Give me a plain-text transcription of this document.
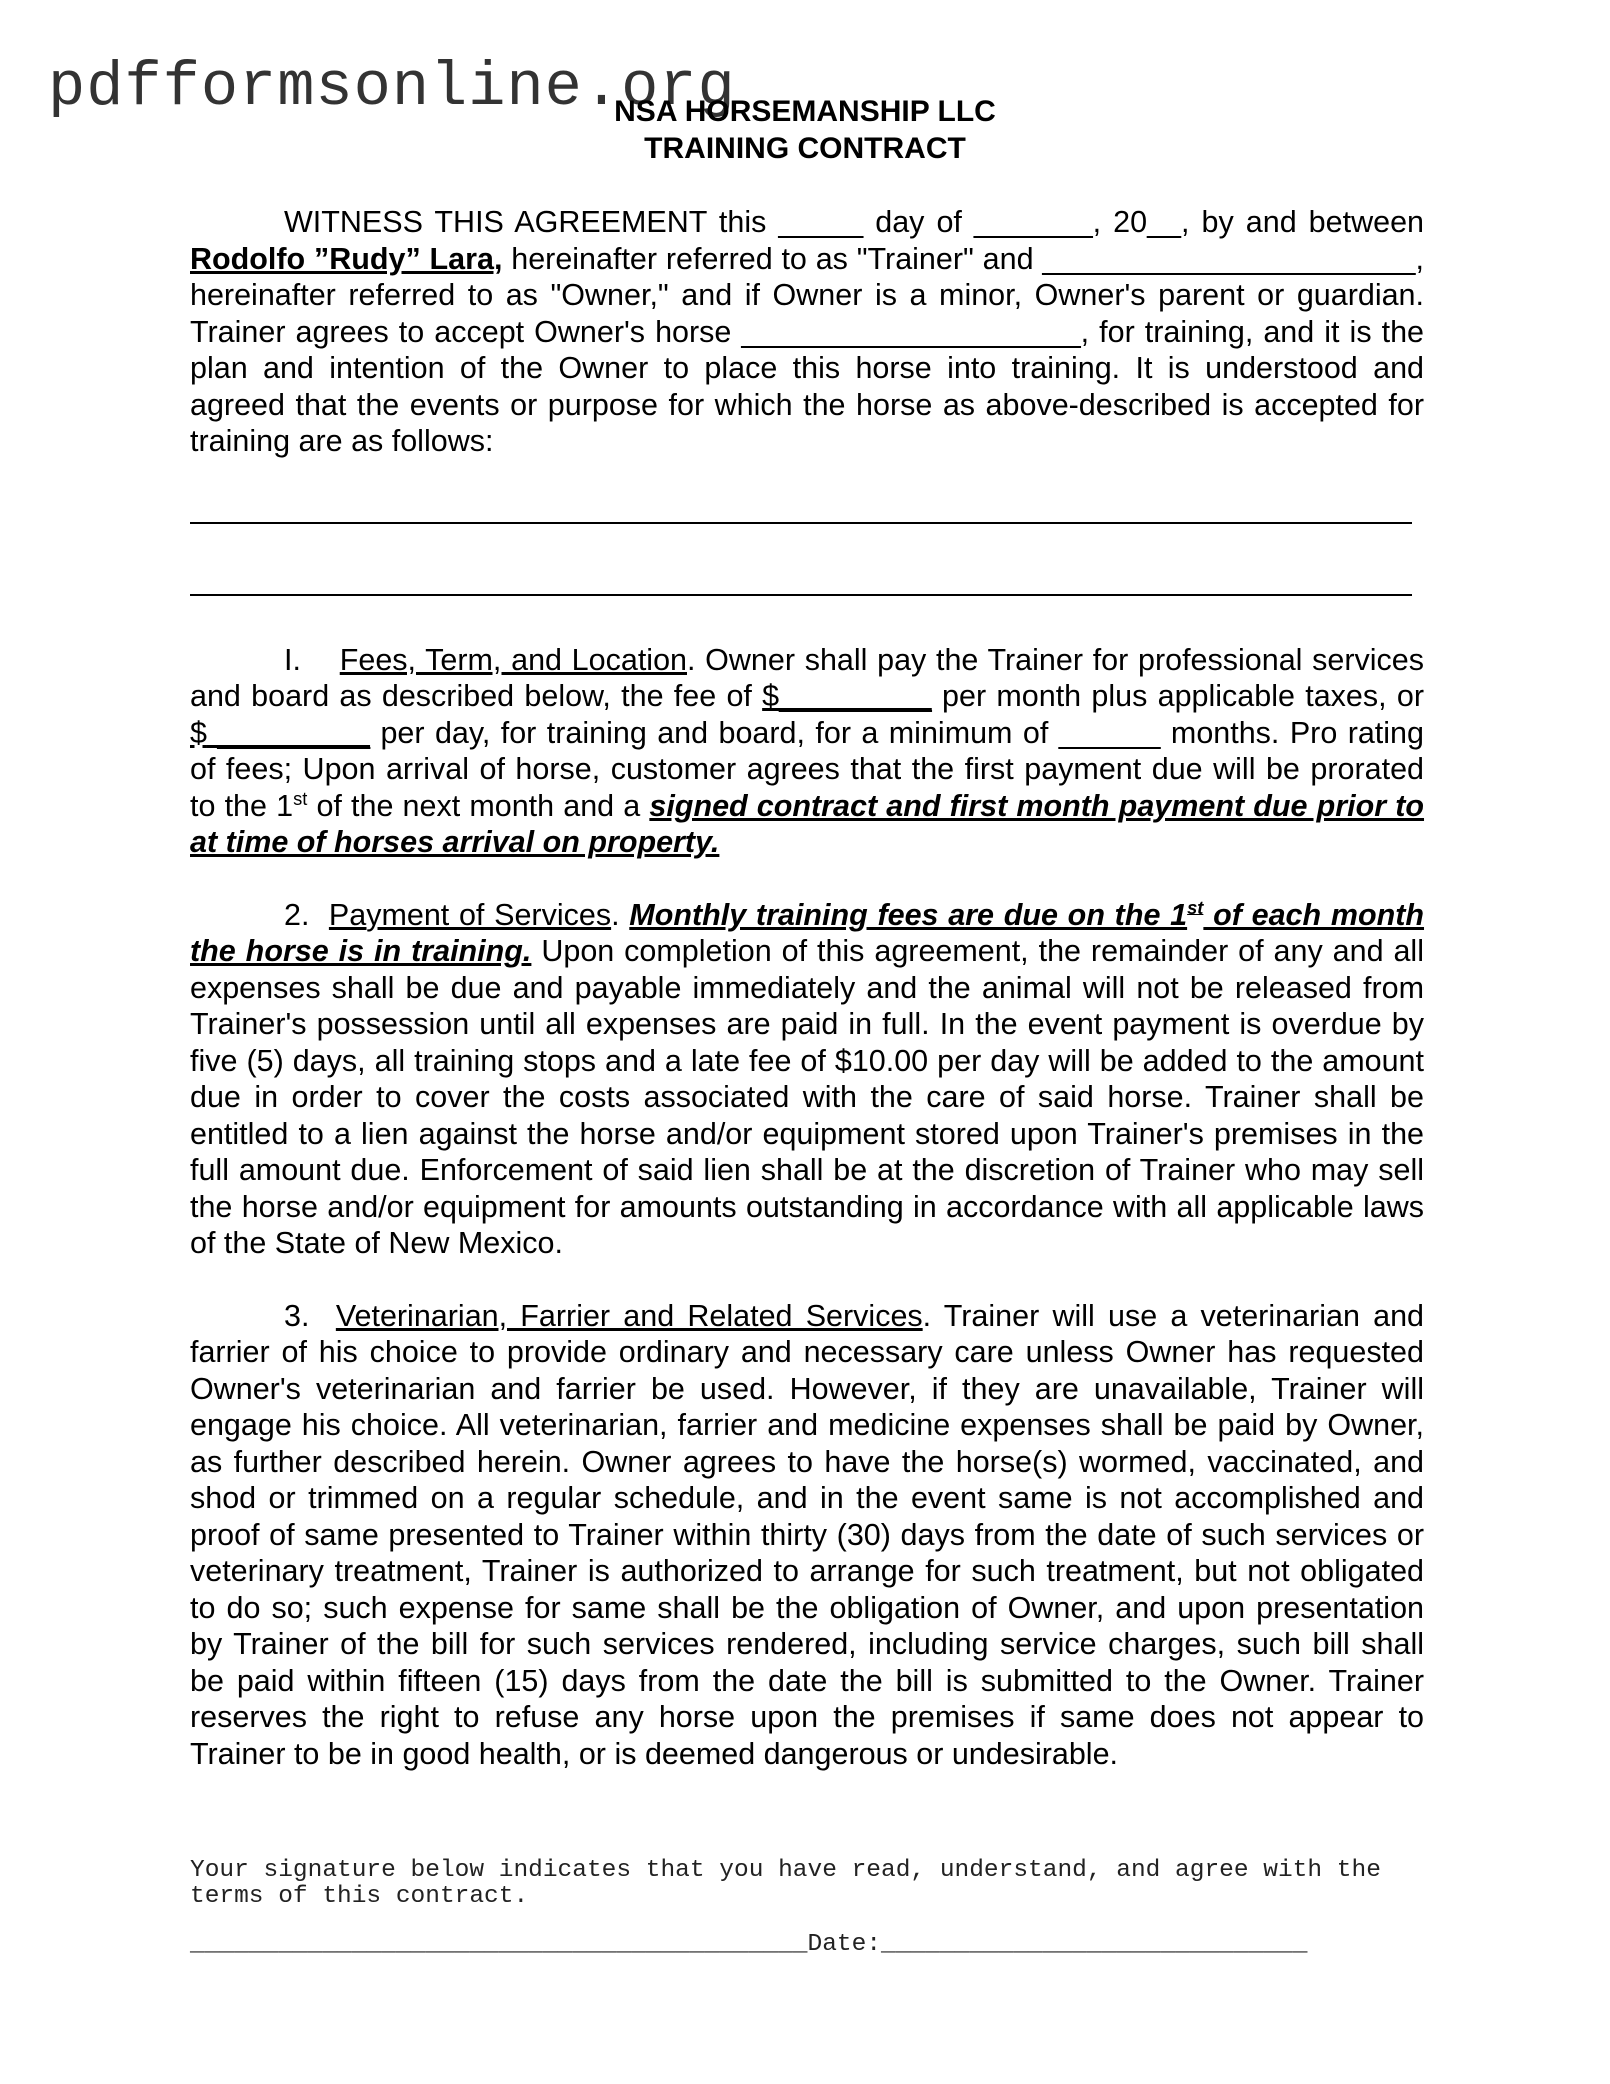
pdfformsonline.org
NSA HORSEMANSHIP LLC
TRAINING CONTRACT

WITNESS THIS AGREEMENT this _____ day of _______, 20__, by and between Rodolfo ”Rudy” Lara, hereinafter referred to as "Trainer" and ______________________, hereinafter referred to as "Owner," and if Owner is a minor, Owner's parent or guardian. Trainer agrees to accept Owner's horse ____________________, for training, and it is the plan and intention of the Owner to place this horse into training. It is understood and agreed that the events or purpose for which the horse as above-described is accepted for training are as follows:

I. Fees, Term, and Location. Owner shall pay the Trainer for professional services and board as described below, the fee of $_________ per month plus applicable taxes, or $ _________ per day, for training and board, for a minimum of ______ months. Pro rating of fees; Upon arrival of horse, customer agrees that the first payment due will be prorated to the 1st of the next month and a signed contract and first month payment due prior to at time of horses arrival on property.

2. Payment of Services. Monthly training fees are due on the 1st of each month the horse is in training. Upon completion of this agreement, the remainder of any and all expenses shall be due and payable immediately and the animal will not be released from Trainer's possession until all expenses are paid in full. In the event payment is overdue by five (5) days, all training stops and a late fee of $10.00 per day will be added to the amount due in order to cover the costs associated with the care of said horse. Trainer shall be entitled to a lien against the horse and/or equipment stored upon Trainer's premises in the full amount due. Enforcement of said lien shall be at the discretion of Trainer who may sell the horse and/or equipment for amounts outstanding in accordance with all applicable laws of the State of New Mexico.

3. Veterinarian, Farrier and Related Services. Trainer will use a veterinarian and farrier of his choice to provide ordinary and necessary care unless Owner has requested Owner's veterinarian and farrier be used. However, if they are unavailable, Trainer will engage his choice. All veterinarian, farrier and medicine expenses shall be paid by Owner, as further described herein. Owner agrees to have the horse(s) wormed, vaccinated, and shod or trimmed on a regular schedule, and in the event same is not accomplished and proof of same presented to Trainer within thirty (30) days from the date of such services or veterinary treatment, Trainer is authorized to arrange for such treatment, but not obligated to do so; such expense for same shall be the obligation of Owner, and upon presentation by Trainer of the bill for such services rendered, including service charges, such bill shall be paid within fifteen (15) days from the date the bill is submitted to the Owner. Trainer reserves the right to refuse any horse upon the premises if same does not appear to Trainer to be in good health, or is deemed dangerous or undesirable.

Your signature below indicates that you have read, understand, and agree with the terms of this contract.
__________________________________________Date:_____________________________
